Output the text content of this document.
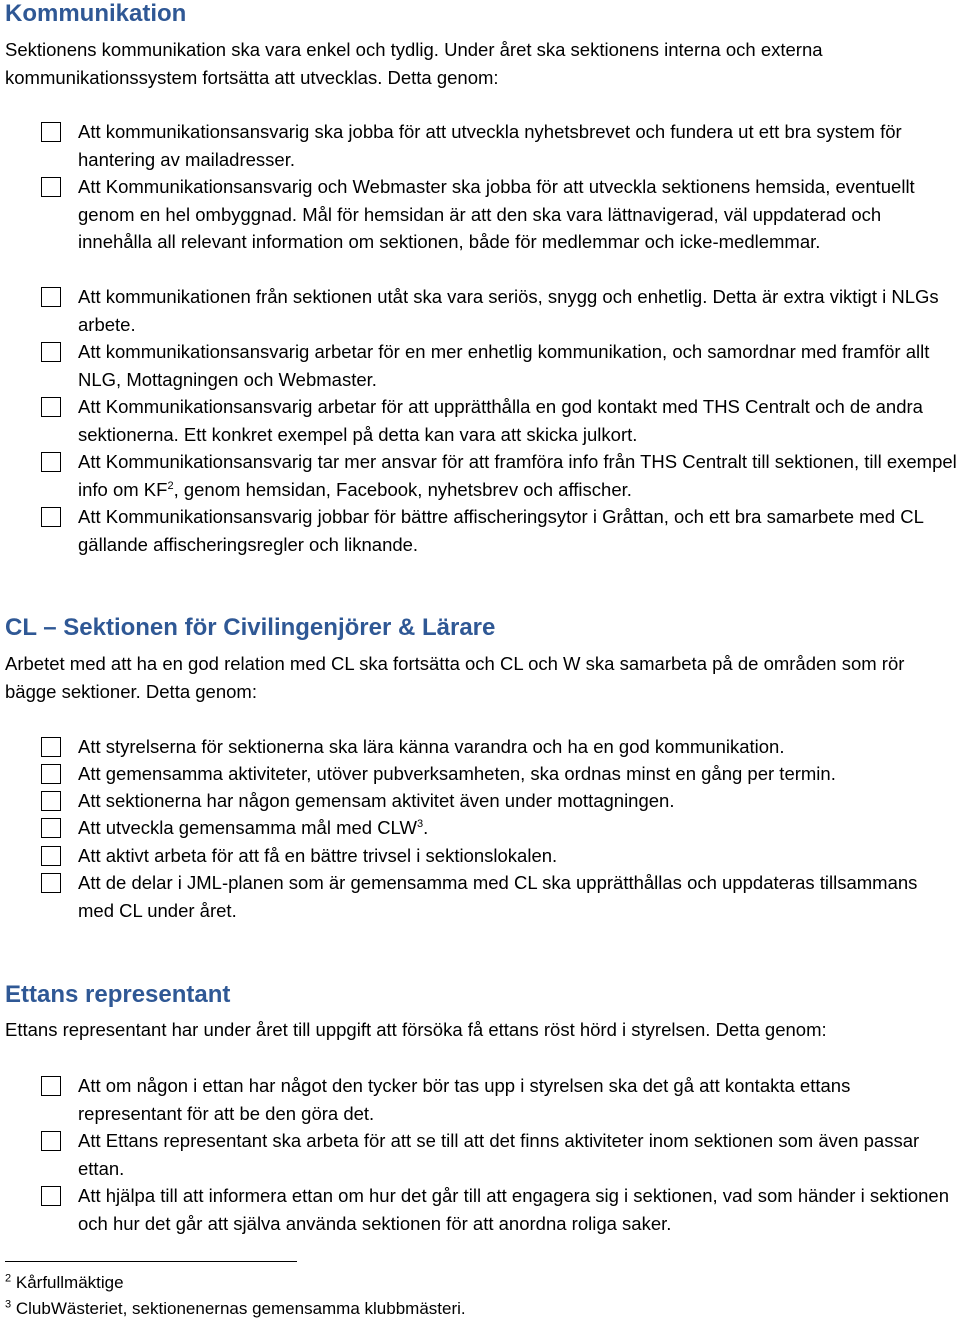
Kommunikation

Sektionens kommunikation ska vara enkel och tydlig. Under året ska sektionens interna och externa kommunikationssystem fortsätta att utvecklas. Detta genom:

Att kommunikationsansvarig ska jobba för att utveckla nyhetsbrevet och fundera ut ett bra system för hantering av mailadresser.
Att Kommunikationsansvarig och Webmaster ska jobba för att utveckla sektionens hemsida, eventuellt genom en hel ombyggnad. Mål för hemsidan är att den ska vara lättnavigerad, väl uppdaterad och innehålla all relevant information om sektionen, både för medlemmar och icke-medlemmar.
Att kommunikationen från sektionen utåt ska vara seriös, snygg och enhetlig. Detta är extra viktigt i NLGs arbete.
Att kommunikationsansvarig arbetar för en mer enhetlig kommunikation, och samordnar med framför allt NLG, Mottagningen och Webmaster.
Att Kommunikationsansvarig arbetar för att upprätthålla en god kontakt med THS Centralt och de andra sektionerna. Ett konkret exempel på detta kan vara att skicka julkort.
Att Kommunikationsansvarig tar mer ansvar för att framföra info från THS Centralt till sektionen, till exempel info om $KF^2$, genom hemsidan, Facebook, nyhetsbrev och affischer.
Att Kommunikationsansvarig jobbar för bättre affischeringsytor i Gråttan, och ett bra samarbete med CL gällande affischeringsregler och liknande.
CL – Sektionen för Civilingenjörer & Lärare

Arbetet med att ha en god relation med CL ska fortsätta och CL och W ska samarbeta på de områden som rör bägge sektioner. Detta genom:

Att styrelserna för sektionerna ska lära känna varandra och ha en god kommunikation.
Att gemensamma aktiviteter, utöver pubverksamheten, ska ordnas minst en gång per termin.
Att sektionerna har någon gemensam aktivitet även under mottagningen.
Att utveckla gemensamma mål med CLW$^3$.
Att aktivt arbeta för att få en bättre trivsel i sektionslokalen.
Att de delar i JML-planen som är gemensamma med CL ska upprätthållas och uppdateras tillsammans med CL under året.
Ettans representant

Ettans representant har under året till uppgift att försöka få ettans röst hörd i styrelsen. Detta genom:

Att om någon i ettan har något den tycker bör tas upp i styrelsen ska det gå att kontakta ettans representant för att be den göra det.
Att Ettans representant ska arbeta för att se till att det finns aktiviteter inom sektionen som även passar ettan.
Att hjälpa till att informera ettan om hur det går till att engagera sig i sektionen, vad som händer i sektionen och hur det går att själva använda sektionen för att anordna roliga saker.
$^2$ Kårfullmäktige
$^3$ ClubWästeriet, sektionenernas gemensamma klubbmästeri.
